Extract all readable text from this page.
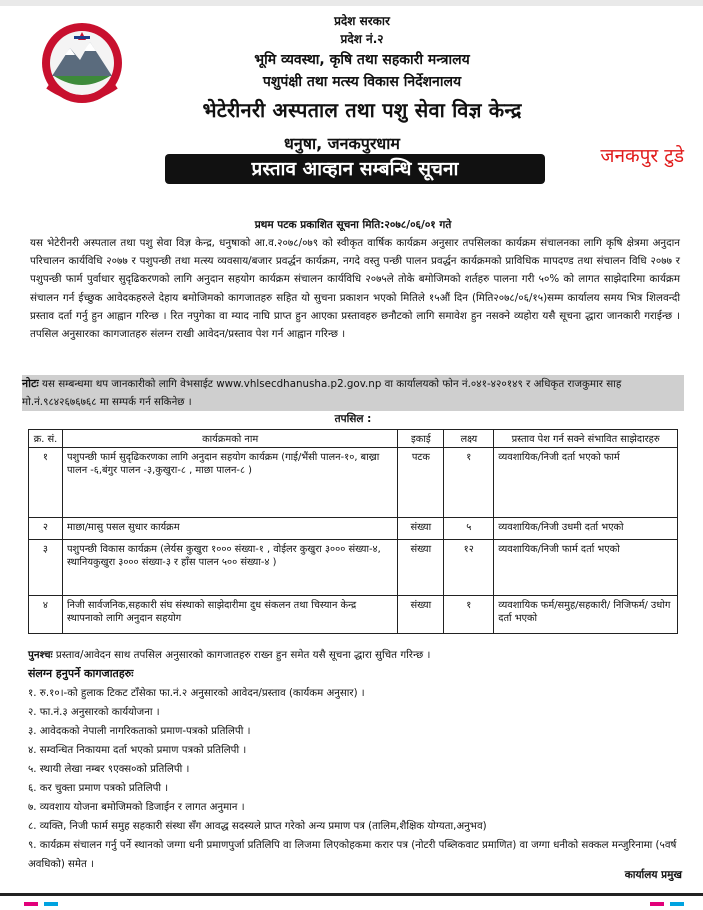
प्रदेश सरकार
प्रदेश नं.२
भूमि व्यवस्था, कृषि तथा सहकारी मन्त्रालय
पशुपंक्षी तथा मत्स्य विकास निर्देशनालय
भेटेरीनरी अस्पताल तथा पशु सेवा विज्ञ केन्द्र
धनुषा, जनकपुरधाम
जनकपुर टुडे
प्रस्ताव आव्हान सम्बन्धि सूचना
प्रथम पटक प्रकाशित सूचना मिति:२०७८/०६/०१ गते
यस भेटेरीनरी अस्पताल तथा पशु सेवा विज्ञ केन्द्र, धनुषाको आ.व.२०७८/०७९ को स्वीकृत वार्षिक कार्यक्रम अनुसार तपसिलका कार्यक्रम संचालनका लागि कृषि क्षेत्रमा अनुदान परिचालन कार्यविधि २०७७ र पशुपन्छी तथा मत्स्य व्यवसाय/बजार प्रवर्द्धन कार्यक्रम, नगदे वस्तु पन्छी पालन प्रवर्द्धन कार्यक्रमको प्राविधिक मापदण्ड तथा संचालन विधि २०७७ र पशुपन्छी फार्म पुर्वाधार सुदृढिकरणको लागि अनुदान सहयोग कार्यक्रम संचालन कार्यविधि २०७५ले तोके बमोजिमको शर्तहरु पालना गरी ५०% को लागत साझेदारिमा कार्यक्रम संचालन गर्न ईच्छुक आवेदकहरुले देहाय बमोजिमको कागजातहरु सहित यो सुचना प्रकाशन भएको मितिले १५औं दिन (मिति२०७८/०६/१५)सम्म कार्यालय समय भित्र शिलवन्दी प्रस्ताव दर्ता गर्नु हुन आह्वान गरिन्छ । रित नपुगेका वा म्याद नाघि प्राप्त हुन आएका प्रस्तावहरु छनौटको लागि समावेश हुन नसक्ने व्यहोरा यसै सूचना द्धारा जानकारी गराईन्छ । तपसिल अनुसारका कागजातहरु संलग्न राखी आवेदन/प्रस्ताव पेश गर्न आह्वान गरिन्छ ।
नोटः यस सम्बन्धमा थप जानकारीको लागि वेभसाईट www.vhlsecdhanusha.p2.gov.np वा कार्यालयको फोन नं.०४१-४२०१४९ र अधिकृत राजकुमार साह मो.नं.९८४२६७६७६८ मा सम्पर्क गर्न सकिनेछ ।
तपसिल :
क्र. सं.	कार्यक्रमको नाम	इकाई	लक्ष्य	प्रस्ताव पेश गर्न सक्ने संभावित साझेदारहरु
१	पशुपन्छी फार्म सुदृढिकरणका लागि अनुदान सहयोग कार्यक्रम (गाई/भैंसी पालन-१०, बाख्रा पालन -६,बंगुर पालन -३,कुखुरा-८ , माछा पालन-८ )	पटक	१	व्यवशायिक/निजी दर्ता भएको फार्म
२	माछा/मासु पसल सुधार कार्यक्रम	संख्या	५	व्यवशायिक/निजी उधमी दर्ता भएको
३	पशुपन्छी विकास कार्यक्रम (लेर्यस कुखुरा १००० संख्या-१ , वोईलर कुखुरा ३००० संख्या-४, स्थानियकुखुरा ३००० संख्या-३ र हाँस पालन ५०० संख्या-४ )	संख्या	१२	व्यवशायिक/निजी फार्म दर्ता भएको
४	निजी सार्वजनिक,सहकारी संघ संस्थाको साझेदारीमा दुध संकलन तथा चिस्यान केन्द्र स्थापनाको लागि अनुदान सहयोग	संख्या	१	व्यवशायिक फर्म/समुह/सहकारी/ निजिफर्म/ उधोग दर्ता भएको
पुनश्चः प्रस्ताव/आवेदन साथ तपसिल अनुसारको कागजातहरु राख्न हुन समेत यसै सूचना द्धारा सुचित गरिन्छ ।
संलग्न हनुपर्ने कागजातहरुः
१. रु.१०।-को हुलाक टिकट टाँसेका फा.नं.२ अनुसारको आवेदन/प्रस्ताव (कार्यकम अनुसार) ।
२. फा.नं.३ अनुसारको कार्ययोजना ।
३. आवेदकको नेपाली नागरिकताको प्रमाण-पत्रको प्रतिलिपी ।
४. सम्वन्धित निकायमा दर्ता भएको प्रमाण पत्रको प्रतिलिपी ।
५. स्थायी लेखा नम्बर ९एक्स०को प्रतिलिपी ।
६. कर चुक्ता प्रमाण पत्रको प्रतिलिपी ।
७. व्यवशाय योजना बमोजिमको डिजाईन र लागत अनुमान ।
८. व्यक्ति, निजी फार्म समुह सहकारी संस्था सँग आवद्ध सदस्यले प्राप्त गरेको अन्य प्रमाण पत्र (तालिम,शैक्षिक योग्यता,अनुभव)
९. कार्यक्रम संचालन गर्नु पर्ने स्थानको जग्गा धनी प्रमाणपुर्जा प्रतिलिपि वा लिजमा लिएकोहकमा करार पत्र (नोटरी पब्लिकवाट प्रमाणित) वा जग्गा धनीको सक्कल मन्जुरिनामा (५वर्ष अवधिको) समेत ।
कार्यालय प्रमुख
